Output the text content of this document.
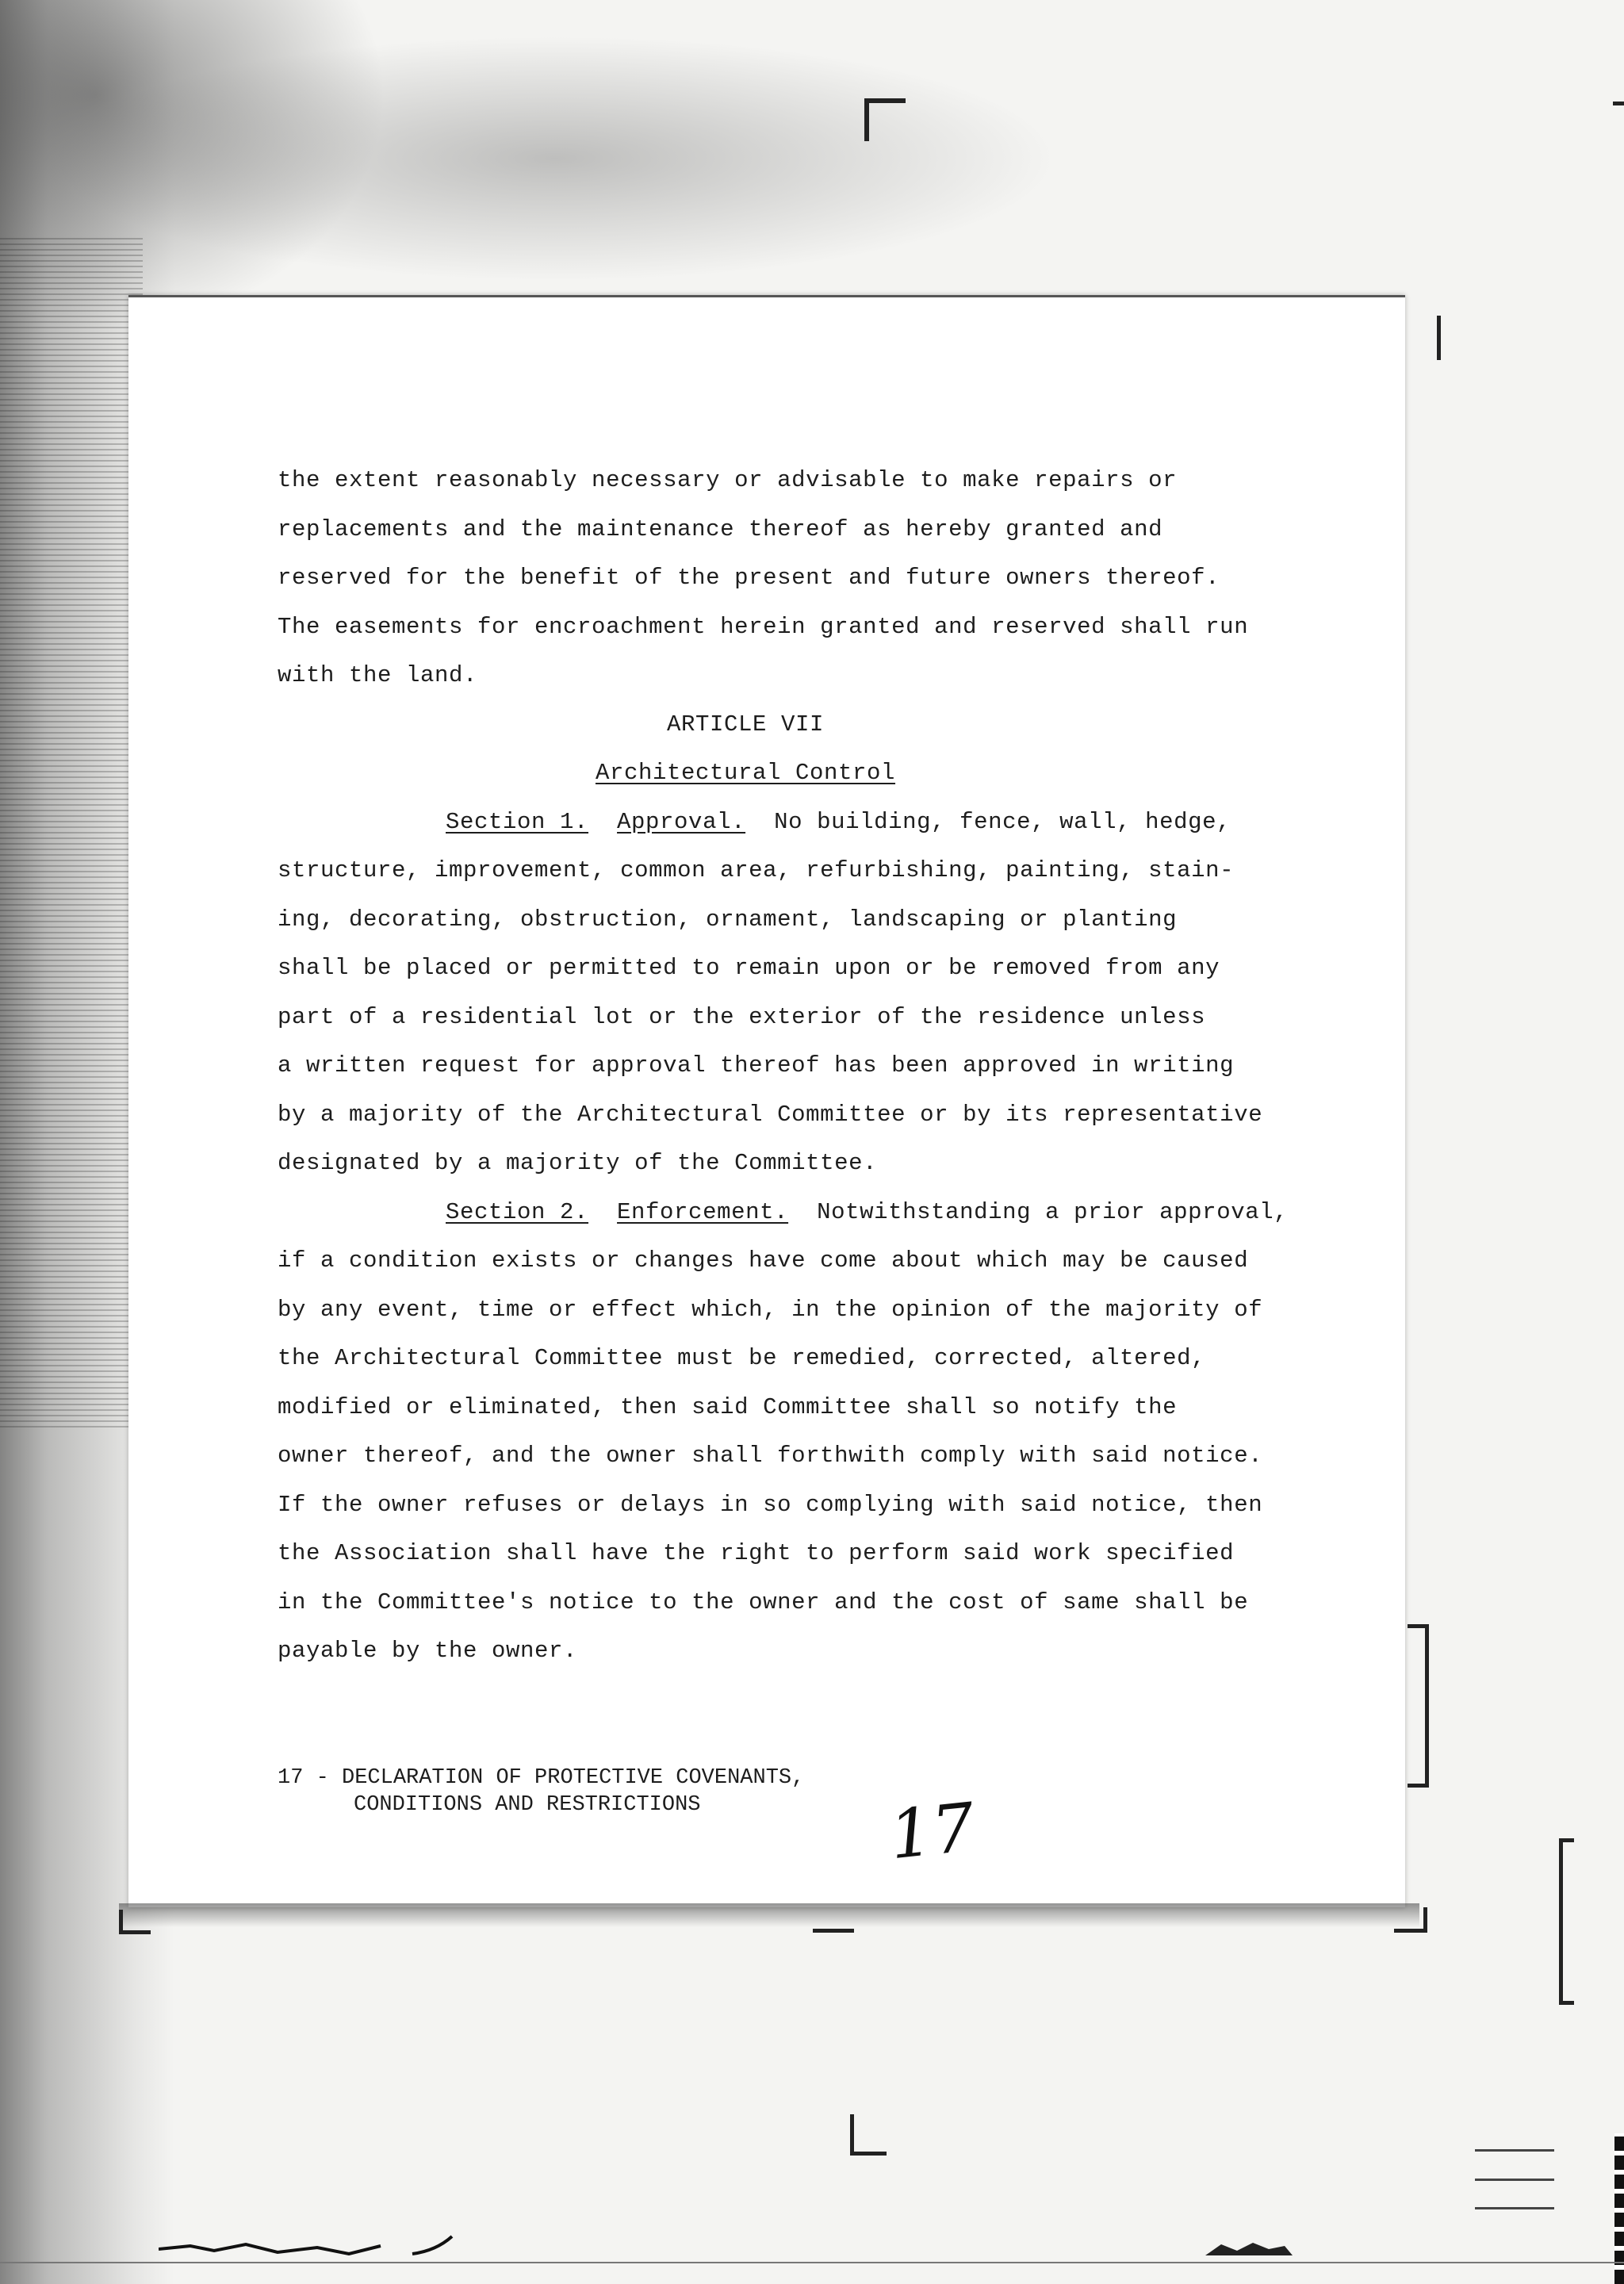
the extent reasonably necessary or advisable to make repairs or
replacements and the maintenance thereof as hereby granted and
reserved for the benefit of the present and future owners thereof.
The easements for encroachment herein granted and reserved shall run
with the land.
ARTICLE VII
Architectural Control
Section 1. Approval. No building, fence, wall, hedge,
structure, improvement, common area, refurbishing, painting, stain-
ing, decorating, obstruction, ornament, landscaping or planting
shall be placed or permitted to remain upon or be removed from any
part of a residential lot or the exterior of the residence unless
a written request for approval thereof has been approved in writing
by a majority of the Architectural Committee or by its representative
designated by a majority of the Committee.
Section 2. Enforcement. Notwithstanding a prior approval,
if a condition exists or changes have come about which may be caused
by any event, time or effect which, in the opinion of the majority of
the Architectural Committee must be remedied, corrected, altered,
modified or eliminated, then said Committee shall so notify the
owner thereof, and the owner shall forthwith comply with said notice.
If the owner refuses or delays in so complying with said notice, then
the Association shall have the right to perform said work specified
in the Committee's notice to the owner and the cost of same shall be
payable by the owner.
17 - DECLARATION OF PROTECTIVE COVENANTS,
CONDITIONS AND RESTRICTIONS	17
